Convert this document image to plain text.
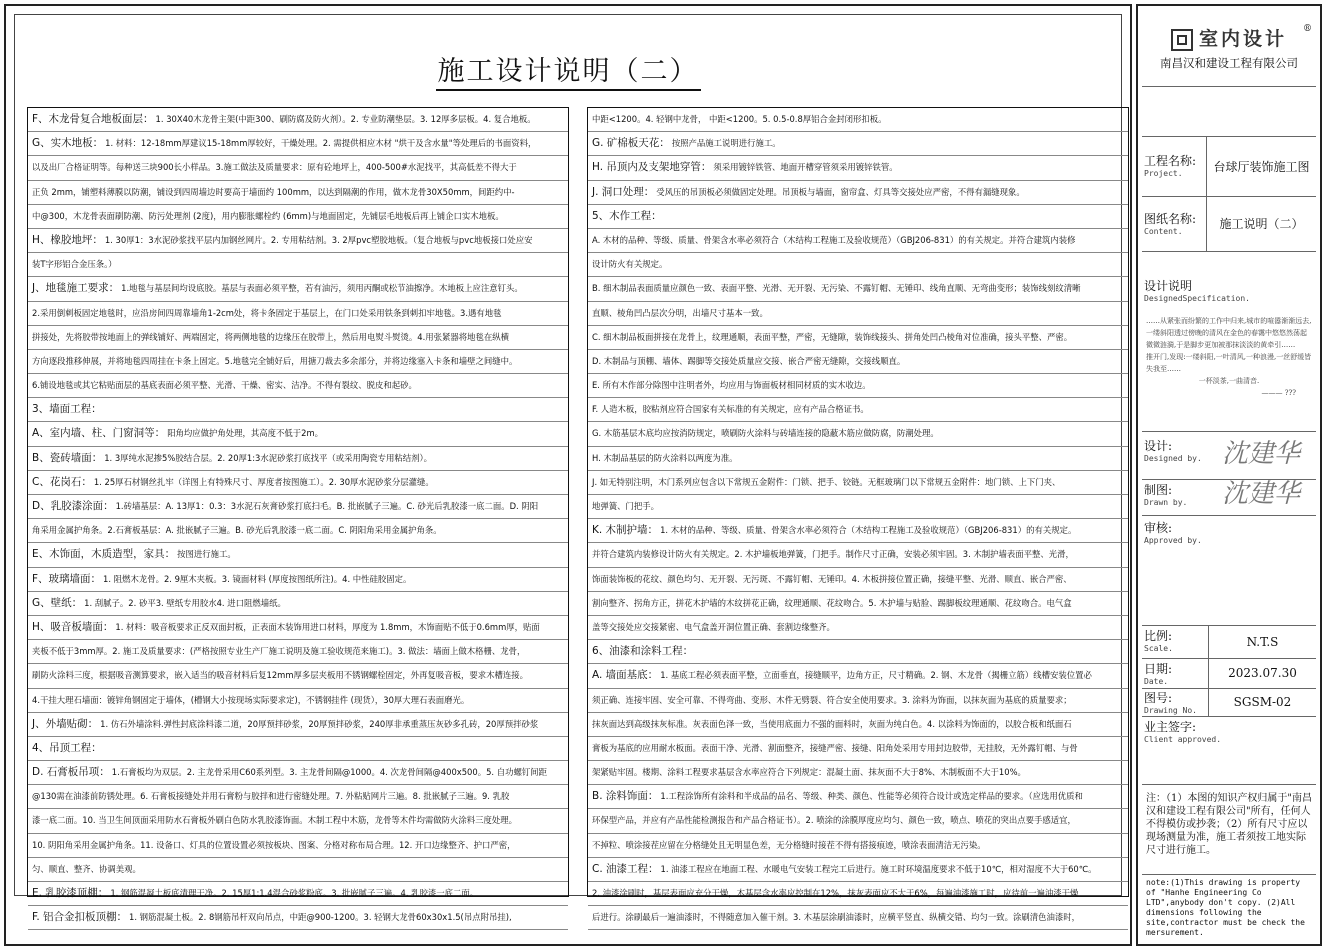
施工设计说明（二）
F、木龙骨复合地板面层： 1. 30X40木龙骨主架(中距300、刷防腐及防火剂）。2. 专业防潮垫层。3. 12厚多层板。4. 复合地板。
G、实木地板： 1. 材料：12-18mm厚建议15-18mm厚较好，干燥处理。2. 需提供相应木材 "烘干及含水量"等处理后的书面资料，
以及出厂合格证明等。每种送三块900长小样品。3.施工做法及质量要求：原有砼地坪上，400-500#水泥找平，其高低差不得大于
正负 2mm，铺塑料薄膜以防潮，铺设到四周墙边时要高于墙面约 100mm，以达到隔潮的作用，做木龙骨30X50mm，间距约中-
中@300，木龙骨表面刷防潮、防污处理剂 (2度)，用内膨胀螺栓约 (6mm)与地面固定，先铺层毛地板后再上铺企口实木地板。
H、橡胶地坪： 1. 30厚1：3水泥砂浆找平层内加钢丝网片。2. 专用粘结剂。3. 2厚pvc塑胶地板。（复合地板与pvc地板接口处应安
装T字形铝合金压条。）
J、地毯施工要求： 1.地毯与基层间均设底胶。基层与表面必须平整，若有油污，须用丙酮或松节油擦净。木地板上应注意钉头。
2.采用倒刺板固定地毯时，应沿房间四周靠墙角1-2cm处，将卡条固定于基层上，在门口处采用铁条到刺扣牢地毯。3.遇有地毯
拼接处，先将胶带按地面上的弹线铺好、两端固定，将两侧地毯的边缘压在胶带上，然后用电熨斗熨烫。4.用张紧器将地毯在纵横
方向逐段推移伸展，并将地毯四周挂在卡条上固定。5.地毯完全铺好后，用搪刀裁去多余部分，并将边缘塞入卡条和墙壁之间缝中。
6.铺设地毯或其它粘贴面层的基底表面必须平整、光滑、干燥、密实、洁净。不得有裂纹、脱皮和起砂。
3、墙面工程：
A、室内墙、柱、门窗洞等： 阳角均应做护角处理，其高度不低于2m。
B、瓷砖墙面： 1. 3厚纯水泥掺5%胶结合层。2. 20厚1:3水泥砂浆打底找平（或采用陶瓷专用粘结剂）。
C、花岗石： 1. 25厚石材钢丝扎牢（详图上有特殊尺寸、厚度者按图施工）。2. 30厚水泥砂浆分层灌缝。
D、乳胶漆涂面： 1.砖墙基层：A. 13厚1：0.3：3水泥石灰膏砂浆打底扫毛。B. 批嵌腻子三遍。C. 砂光后乳胶漆一底二面。D. 阴阳
角采用金属护角条。2.石膏板基层：A. 批嵌腻子三遍。B. 砂光后乳胶漆一底二面。C. 阴阳角采用金属护角条。
E、木饰面，木质造型，家具： 按图进行施工。
F、玻璃墙面： 1. 阻燃木龙骨。2. 9厘木夹板。3. 镜面材料 (厚度按图纸所注)。4. 中性硅胶固定。
G、壁纸： 1. 刮腻子。2. 砂平3. 壁纸专用胶水4. 进口阻燃墙纸。
H、吸音板墙面： 1. 材料：吸音板要求正反双面封板，正表面木装饰用进口材料，厚度为 1.8mm，木饰面贴不低于0.6mm厚，贴面
夹板不低于3mm厚。2. 施工及质量要求：(严格按照专业生产厂施工说明及施工验收规范来施工)。3. 做法：墙面上做木格栅、龙骨，
刷防火涂料三度，根据吸音测算要求，嵌入适当的吸音材料后复12mm厚多层夹板用不锈钢螺栓固定，外再复吸音板，要求木槽连接。
4.干挂大理石墙面：镀锌角钢固定于墙体，(槽钢大小按现场实际要求定)，不锈钢挂件 (现货），30厚大理石表面磨光。
J、外墙贴砌： 1. 仿石外墙涂料.弹性封底涂料漆二道，20厚预拌砂浆，20厚预拌砂浆，240厚非承重蒸压灰砂多孔砖，20厚预拌砂浆
4、吊顶工程：
D. 石膏板吊项： 1.石膏板均为双层。2. 主龙骨采用C60系列型。3. 主龙骨间隔@1000。4. 次龙骨间隔@400x500。5. 自功螺钉间距
@130需在油漆前防锈处理。6. 石膏板接缝处并用石膏粉与胶拌和进行密缝处理。7. 外粘贴网片三遍。8. 批嵌腻子三遍。9. 乳胶
漆一底二面。10. 当卫生间顶面采用防水石膏板外刷白色防水乳胶漆饰面。木制工程中木筋，龙骨等木件均需做防火涂料三度处理。
10. 阴阳角采用金属护角条。11. 设备口、灯具的位置设置必须按板块、图案、分格对称布局合理。12. 开口边缘整齐、护口严密，
匀、顺直、整齐、协调美观。
E. 乳胶漆顶棚： 1. 钢筋混凝土板底清理干净。2. 15厚1:1.4混合砂浆粉底。3. 批嵌腻子三遍。4. 乳胶漆一底二面。
F. 铝合金扣板顶棚： 1. 钢筋混凝土板。2. 8钢筋吊杆双向吊点，中距@900-1200。3. 轻钢大龙骨60x30x1.5(吊点附吊挂),
中距<1200。4. 轻钢中龙骨， 中距<1200。5. 0.5-0.8厚铝合金封闭形扣板。
G. 矿棉板天花： 按照产品施工说明进行施工。
H. 吊顶内及支架地穿管： 须采用镀锌铁管、地面开槽穿管须采用镀锌铁管。
J. 洞口处理： 受风压的吊顶板必须做固定处理。吊顶板与墙面，窗帘盒、灯具等交接处应严密，不得有漏缝现象。
5、木作工程：
A. 木材的品种、等级、质量、骨架含水率必须符合（木结构工程施工及验收规范）（GBJ206-831）的有关规定。并符合建筑内装修
设计防火有关规定。
B. 细木制品表面质量应颜色一致、表面平整、光滑、无开裂、无污染、不露钉帽、无锤印、线角直顺、无弯曲变形；装饰线刻纹清晰
直顺、棱角凹凸层次分明，出墙尺寸基本一致。
C. 细木制品板面拼接在龙骨上，纹理通顺，表面平整，严密，无缝隙，装饰线接头、拼角处凹凸棱角对位准确，接头平整、严密。
D. 木制品与顶棚、墙体、踢脚等交接处质量应交接、嵌合严密无缝隙，交接线顺直。
E. 所有木作部分除图中注明者外，均应用与饰面板材相同材质的实木收边。
F. 人造木板，胶粘剂应符合国家有关标准的有关规定，应有产品合格证书。
G. 木筋基层木底均应按消防规定，喷刷防火涂料与砖墙连接的隐蔽木筋应做防腐，防潮处理。
H. 木制品基层的防火涂料以两度为准。
J. 如无特别注明，木门系列应包含以下常规五金附件：门锁、把手、铰链。无框玻璃门以下常规五金附件：地门锁、上下门夹、
地弹簧、门把手。
K. 木制护墙： 1. 木材的品种、等级、质量、骨架含水率必须符合（木结构工程施工及验收规范）（GBJ206-831）的有关规定。
并符合建筑内装修设计防火有关规定。2. 木护墙板地弹簧，门把手。制作尺寸正确，安装必须牢固。3. 木制护墙表面平整、光滑，
饰面装饰板的花纹、颜色均匀、无开裂、无污斑、不露钉帽、无锤印。4. 木板拼接位置正确，接缝平整、光滑、顺直、嵌合严密、
割向整齐、拐角方正，拼花木护墙的木纹拼花正确，纹理通顺、花纹吻合。5. 木护墙与贴脸、踢脚板纹理通顺、花纹吻合。电气盒
盖等交接处应交接紧密、电气盒盖开洞位置正确、套割边缘整齐。
6、油漆和涂料工程：
A. 墙面基底： 1. 基底工程必须表面平整，立面垂直，接缝顺平，边角方正，尺寸精确。2. 钢、木龙骨（揭栅立筋）线槽安装位置必
须正确、连接牢固、安全可靠、不得弯曲、变形、木件无劈裂、符合安全使用要求。3. 涂料为饰面，以抹灰面为基底的质量要求；
抹灰面达到高级抹灰标准。灰表面色泽一致，当使用底面力不强的面料时，灰面为纯白色。4. 以涂料为饰面的，以胶合板和纸面石
膏板为基底的应用耐水板面。表面干净、光滑、割面整齐，接缝严密、接缝、阳角处采用专用封边胶带，无挂胶，无外露钉帽、与骨
架紧贴牢固。楼期、涂料工程要求基层含水率应符合下列规定：混凝土面、抹灰面不大于8%、木制板面不大于10%。
B. 涂料饰面： 1.工程涂饰所有涂料和半成品的品名、等级、种类、颜色、性能等必须符合设计或选定样品的要求。（应选用优质和
环保型产品，并应有产品性能检测报告和产品合格证书）。2. 喷涂的涂膜厚度应均匀、颜色一致，喷点、喷花的突出点要手感适宜，
不掉粒、喷涂接茬应留在分格缝处且无明显色差，无分格缝时接茬不得有搭接痕迹，喷涂表面清洁无污染。
C. 油漆工程： 1. 油漆工程应在地面工程、水暖电气安装工程完工后进行。施工时环境温度要求不低于10℃，相对湿度不大于60℃。
2. 油漆涂刷时，基层表面应充分干燥，木基层含水率应控制在12%，抹灰表面应不大于6%，每遍油漆施工时，应待前一遍油漆干燥
后进行。涂刷最后一遍油漆时，不得随意加入催干剂。3. 木基层涂刷油漆时，应横平竖直、纵横交错、均匀一致。涂刷清色油漆时，
室内设计	®
南昌汉和建设工程有限公司
工程名称:
Project.	台球厅装饰施工图
图纸名称:
Content.
施工说明（二）
设计说明
DesignedSpecification.
……从紧张而纷繁的工作中归来,城市的喧嚣渐渐远去,一缕斜阳透过傍晚的清风在金色的春霭中悠悠然荡起微微涟漪,于是脚步更加被那抹淡淡的黄牵引……
推开门,发现:一缕斜阳,一叶清风,一种浪漫,一丝舒缓皆失我至……
一杯淡茶,一曲清音.
——— ???
设计:
Designed by. 沈建华
制图:
Drawn by.	沈建华
审核:
Approved by.
比例:
Scale.	N.T.S
日期:
Date.
2023.07.30
图号:
Drawing No.
SGSM-02
业主签字:
Client approved.
注：（1）本图的知识产权归属于"南昌汉和建设工程有限公司"所有，任何人不得模仿或抄袭；（2）所有尺寸应以现场测量为准，施工者须按工地实际尺寸进行施工。
note:(1)This drawing is property of "Hanhe Engineering Co LTD",anybody don't copy. (2)All dimensions following the site,contractor must be check the mersurement.
